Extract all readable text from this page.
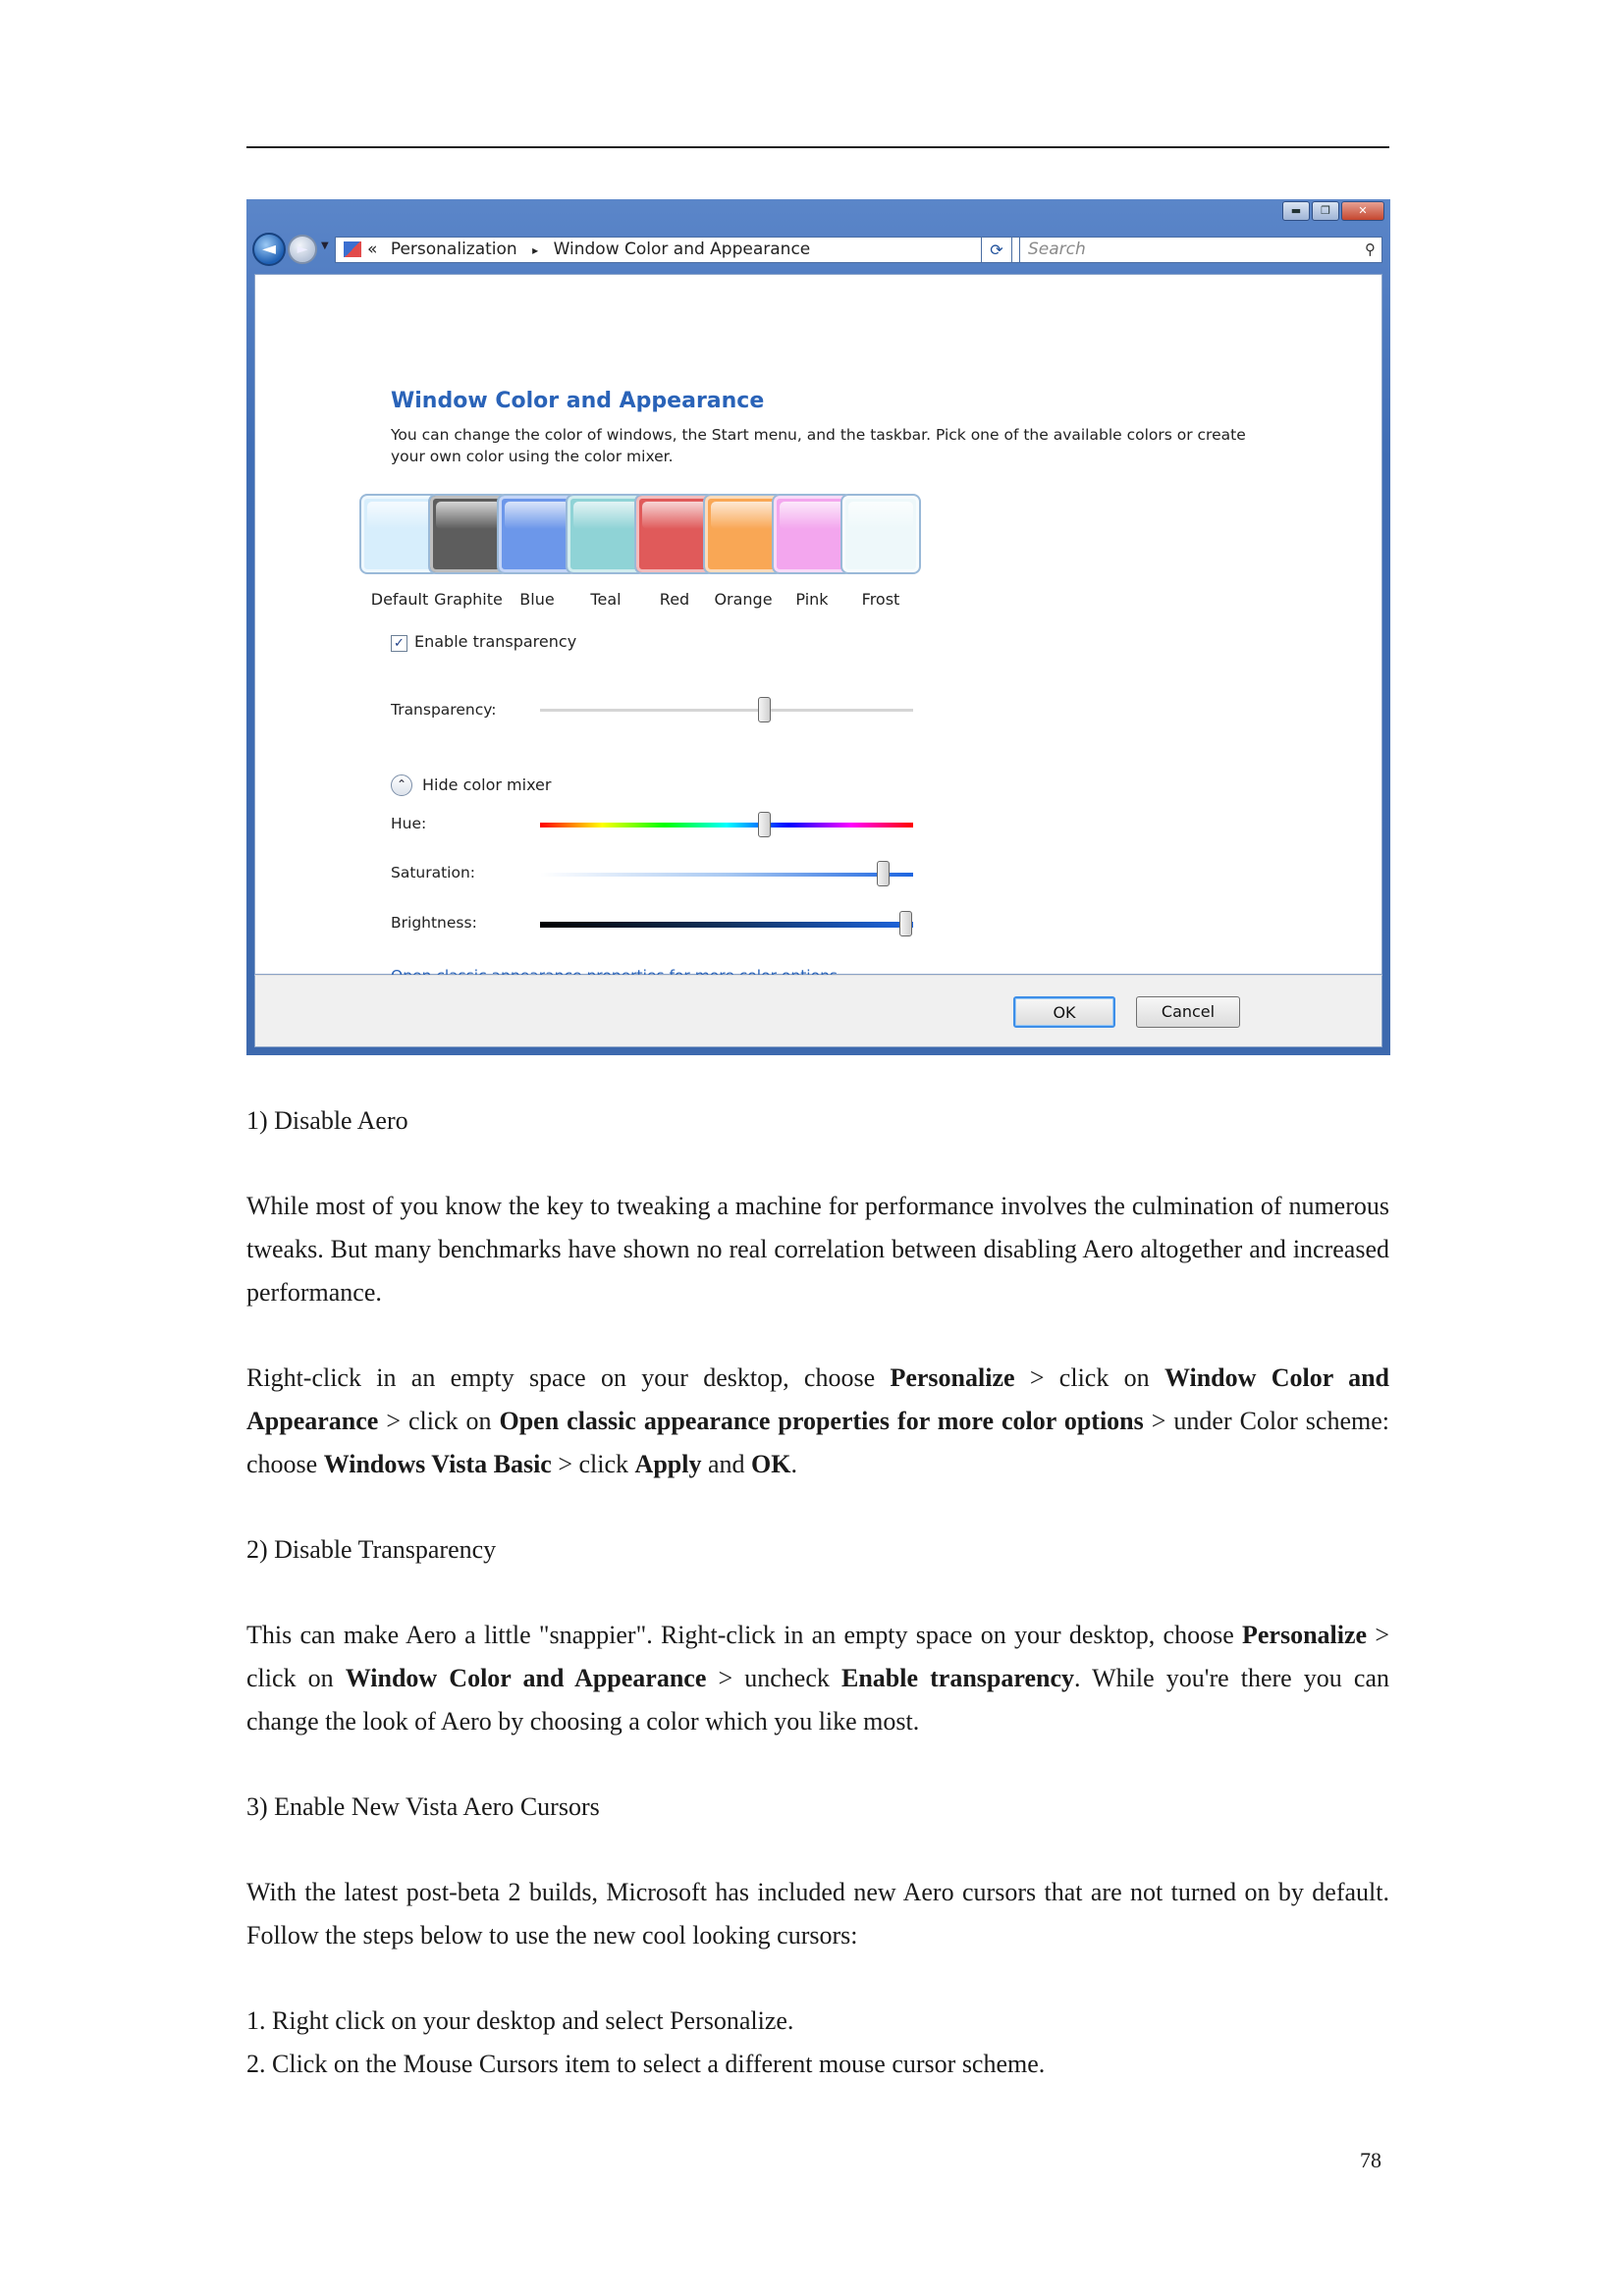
▬	❐	✕
◄	►	▼	« Personalization ▸ Window Color and Appearance	⟳	Search	⚲
Window Color and Appearance

You can change the color of windows, the Start menu, and the taskbar. Pick one of the available colors or create your own color using the color mixer.

Default Graphite	Blue	Teal	Red	Orange	Pink	Frost
✓ Enable transparency
Transparency:
⌃ Hide color mixer
Hue:
Saturation:
Brightness:
OK	Cancel

1) Disable Aero

While most of you know the key to tweaking a machine for performance involves the culmination of numerous tweaks. But many benchmarks have shown no real correlation between disabling Aero altogether and increased performance.

Right-click in an empty space on your desktop, choose Personalize > click on Window Color and Appearance > click on Open classic appearance properties for more color options > under Color scheme: choose Windows Vista Basic > click Apply and OK.

2) Disable Transparency

This can make Aero a little "snappier". Right-click in an empty space on your desktop, choose Personalize > click on Window Color and Appearance > uncheck Enable transparency. While you're there you can change the look of Aero by choosing a color which you like most.

3) Enable New Vista Aero Cursors

With the latest post-beta 2 builds, Microsoft has included new Aero cursors that are not turned on by default. Follow the steps below to use the new cool looking cursors:

1. Right click on your desktop and select Personalize.

2. Click on the Mouse Cursors item to select a different mouse cursor scheme.

78
